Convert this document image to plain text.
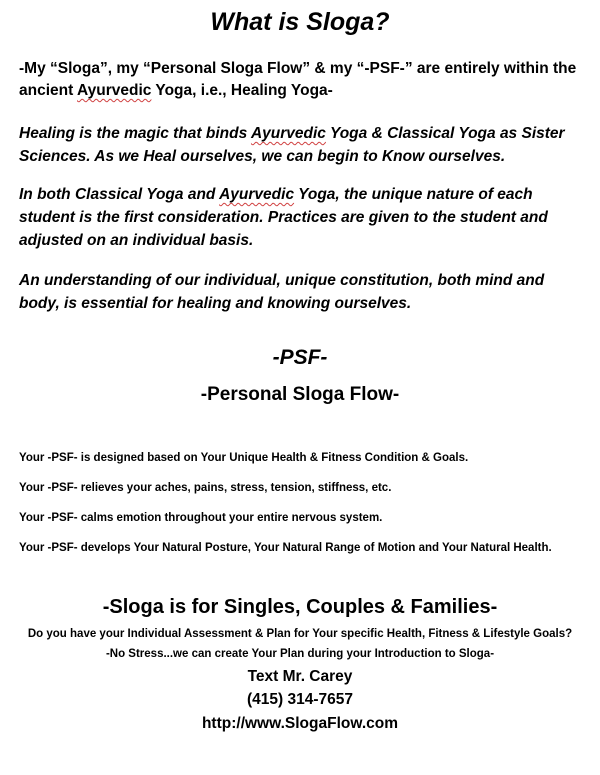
What is Sloga?
-My “Sloga”, my “Personal Sloga Flow” & my “-PSF-” are entirely within the ancient Ayurvedic Yoga, i.e., Healing Yoga-
Healing is the magic that binds Ayurvedic Yoga & Classical Yoga as Sister Sciences. As we Heal ourselves, we can begin to Know ourselves.
In both Classical Yoga and Ayurvedic Yoga, the unique nature of each student is the first consideration. Practices are given to the student and adjusted on an individual basis.
An understanding of our individual, unique constitution, both mind and body, is essential for healing and knowing ourselves.
-PSF-
-Personal Sloga Flow-
Your -PSF- is designed based on Your Unique Health & Fitness Condition & Goals.
Your -PSF- relieves your aches, pains, stress, tension, stiffness, etc.
Your -PSF- calms emotion throughout your entire nervous system.
Your -PSF- develops Your Natural Posture, Your Natural Range of Motion and Your Natural Health.
-Sloga is for Singles, Couples & Families-
Do you have your Individual Assessment & Plan for Your specific Health, Fitness & Lifestyle Goals?
-No Stress...we can create Your Plan during your Introduction to Sloga-
Text Mr. Carey
(415) 314-7657
http://www.SlogaFlow.com
